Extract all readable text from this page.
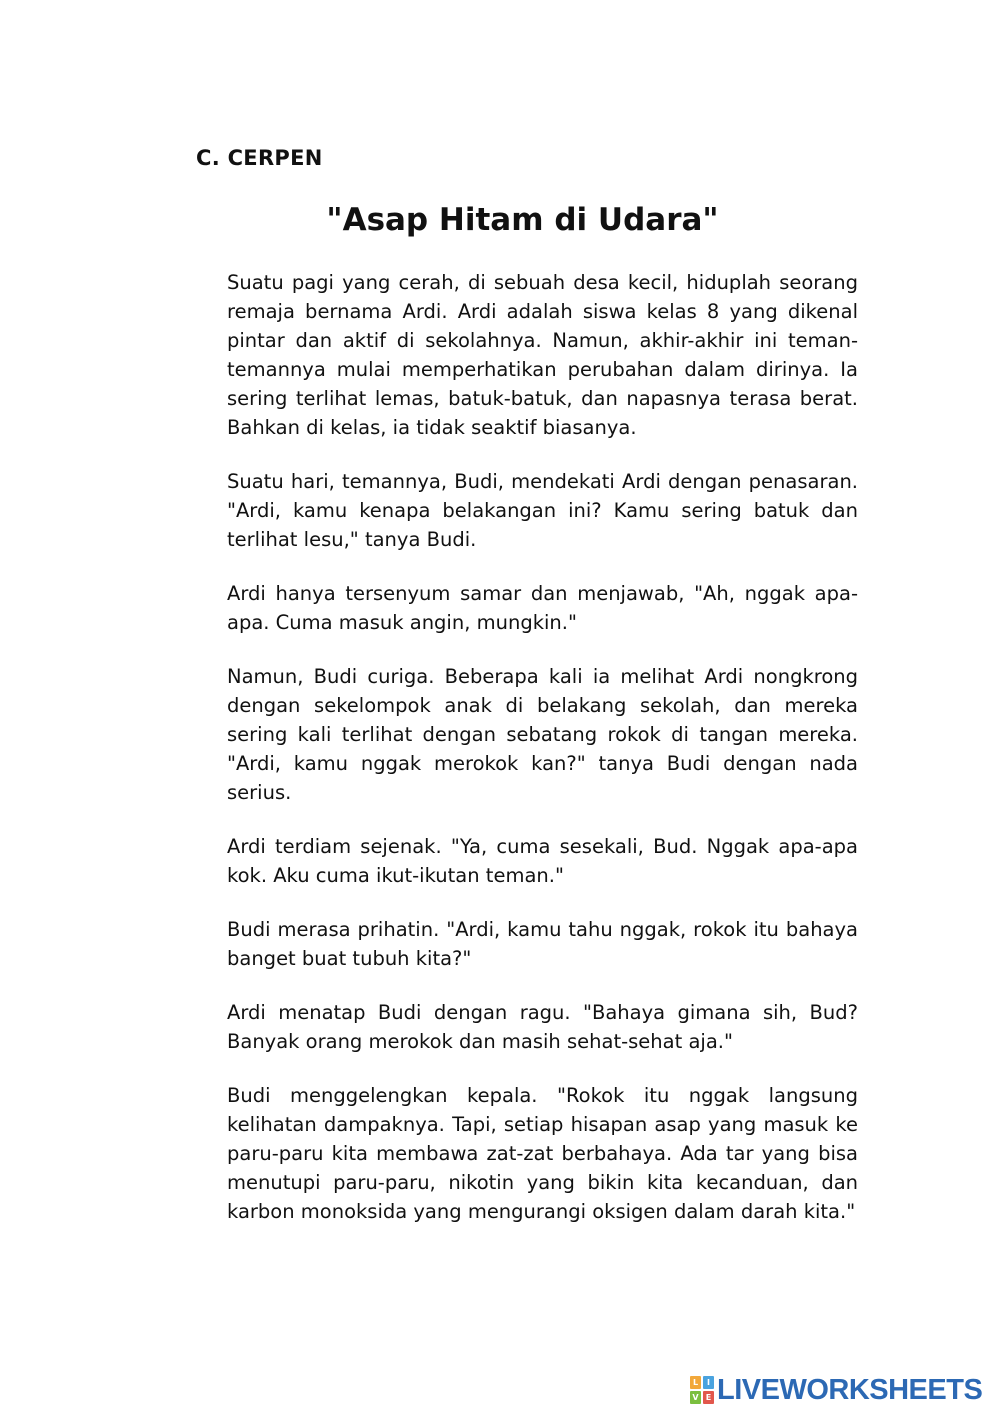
C. CERPEN
"Asap Hitam di Udara"

Suatu pagi yang cerah, di sebuah desa kecil, hiduplah seorang remaja bernama Ardi. Ardi adalah siswa kelas 8 yang dikenal pintar dan aktif di sekolahnya. Namun, akhir-akhir ini teman-temannya mulai memperhatikan perubahan dalam dirinya. Ia sering terlihat lemas, batuk-batuk, dan napasnya terasa berat. Bahkan di kelas, ia tidak seaktif biasanya.

Suatu hari, temannya, Budi, mendekati Ardi dengan penasaran. "Ardi, kamu kenapa belakangan ini? Kamu sering batuk dan terlihat lesu," tanya Budi.

Ardi hanya tersenyum samar dan menjawab, "Ah, nggak apa-apa. Cuma masuk angin, mungkin."

Namun, Budi curiga. Beberapa kali ia melihat Ardi nongkrong dengan sekelompok anak di belakang sekolah, dan mereka sering kali terlihat dengan sebatang rokok di tangan mereka. "Ardi, kamu nggak merokok kan?" tanya Budi dengan nada serius.

Ardi terdiam sejenak. "Ya, cuma sesekali, Bud. Nggak apa-apa kok. Aku cuma ikut-ikutan teman."

Budi merasa prihatin. "Ardi, kamu tahu nggak, rokok itu bahaya banget buat tubuh kita?"

Ardi menatap Budi dengan ragu. "Bahaya gimana sih, Bud? Banyak orang merokok dan masih sehat-sehat aja."

Budi menggelengkan kepala. "Rokok itu nggak langsung kelihatan dampaknya. Tapi, setiap hisapan asap yang masuk ke paru-paru kita membawa zat-zat berbahaya. Ada tar yang bisa menutupi paru-paru, nikotin yang bikin kita kecanduan, dan karbon monoksida yang mengurangi oksigen dalam darah kita."

L	I
V E LIVEWORKSHEETS
